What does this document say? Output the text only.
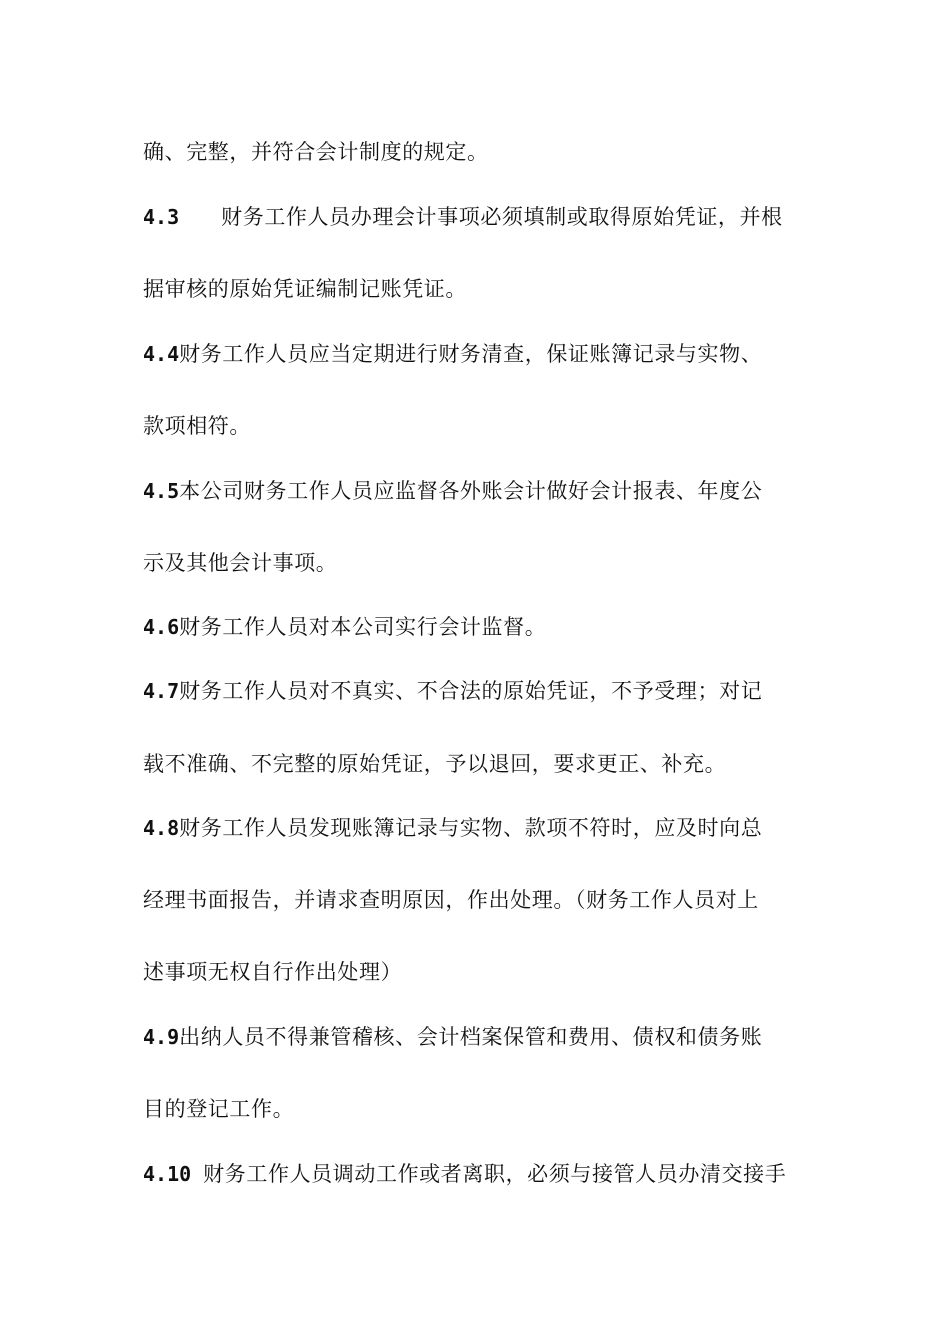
确、完整，并符合会计制度的规定。
4.3 财务工作人员办理会计事项必须填制或取得原始凭证，并根
据审核的原始凭证编制记账凭证。
4.4财务工作人员应当定期进行财务清查，保证账簿记录与实物、
款项相符。
4.5本公司财务工作人员应监督各外账会计做好会计报表、年度公
示及其他会计事项。
4.6财务工作人员对本公司实行会计监督。
4.7财务工作人员对不真实、不合法的原始凭证，不予受理；对记
载不准确、不完整的原始凭证，予以退回，要求更正、补充。
4.8财务工作人员发现账簿记录与实物、款项不符时，应及时向总
经理书面报告，并请求查明原因，作出处理。（财务工作人员对上
述事项无权自行作出处理）
4.9出纳人员不得兼管稽核、会计档案保管和费用、债权和债务账
目的登记工作。
4.10 财务工作人员调动工作或者离职，必须与接管人员办清交接手
